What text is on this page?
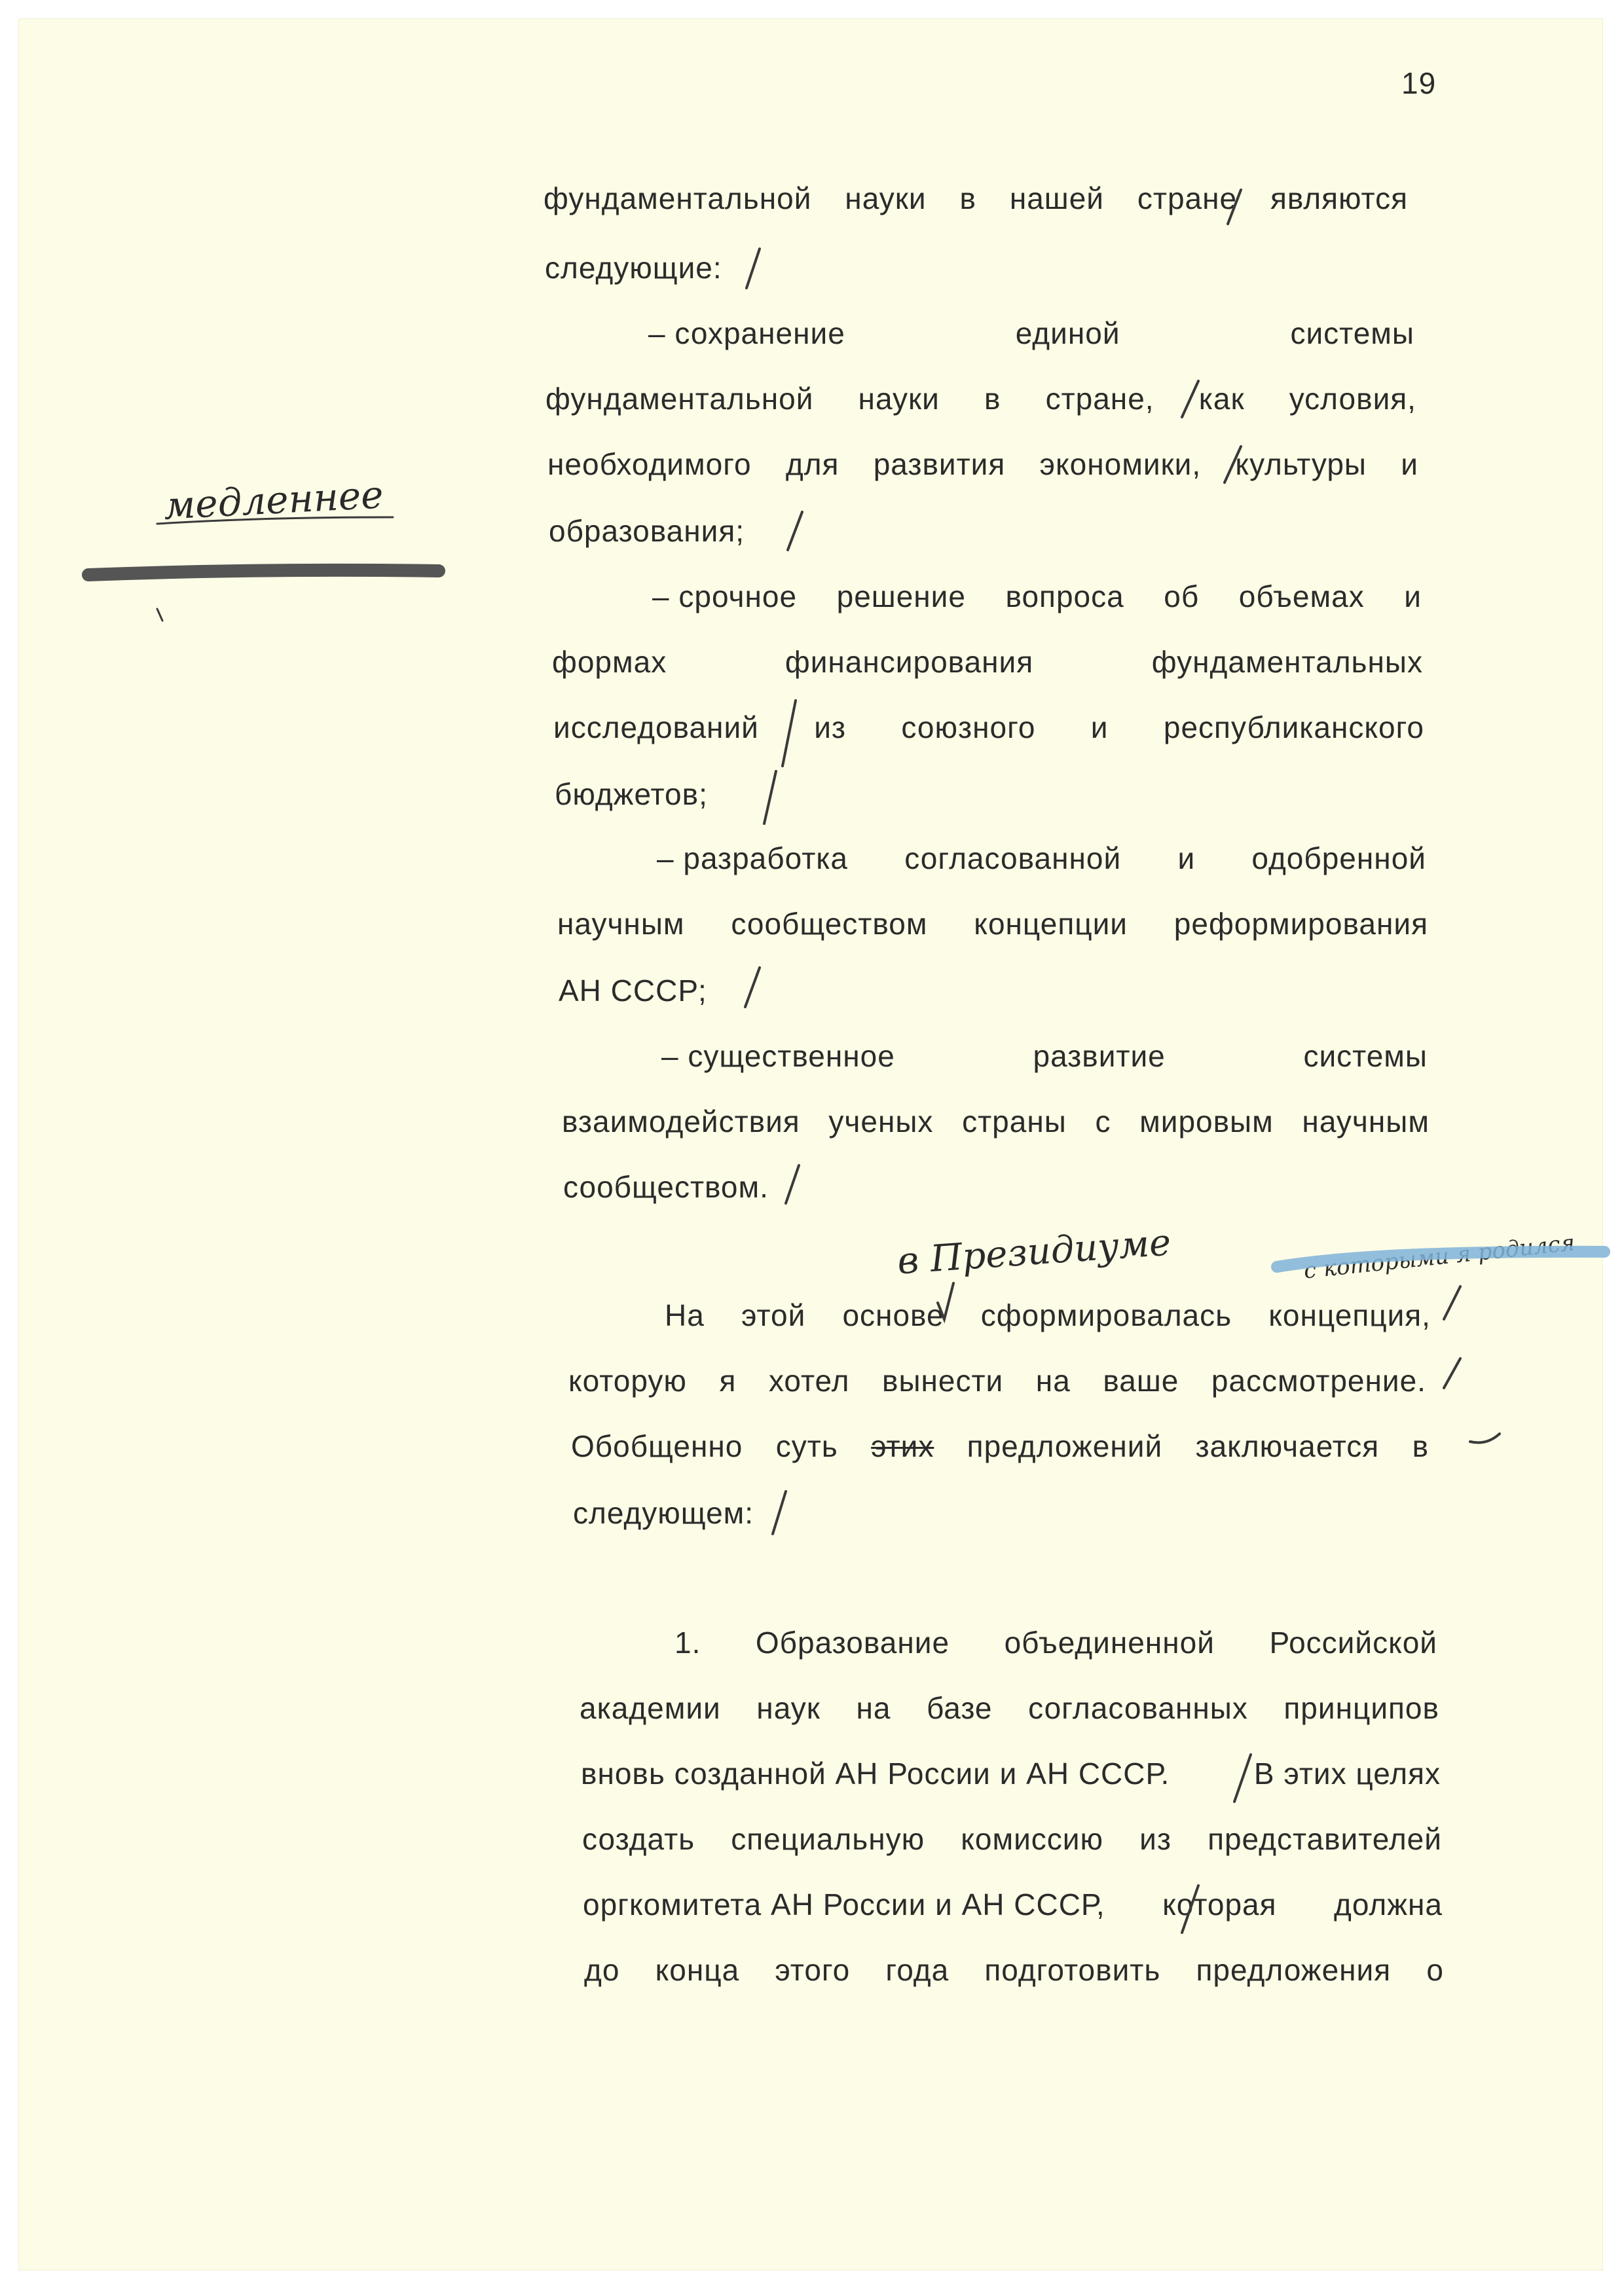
19
фундаментальной науки в нашей стране являются
следующие:
– сохранение	единой	системы
фундаментальной науки в стране, как условия,
необходимого для развития экономики, культуры и
образования;
– срочное решение вопроса об объемах и
формах	финансирования	фундаментальных
исследований из союзного и республиканского
бюджетов;
– разработка согласованной и одобренной
научным сообществом концепции реформирования
АН СССР;
– существенное	развитие	системы
взаимодействия ученых страны с мировым научным
сообществом.
На этой основе сформировалась концепция,
которую я хотел вынести на ваше рассмотрение.
Обобщенно суть этих предложений заключается в
следующем:
1. Образование объединенной Российской
академии наук на базе согласованных принципов
вновь созданной АН России и АН СССР.	В этих целях
создать специальную комиссию из представителей
оргкомитета АН России и АН СССР, которая должна
до конца этого года подготовить предложения о
медленнее
в Президиуме	с которыми я родился
